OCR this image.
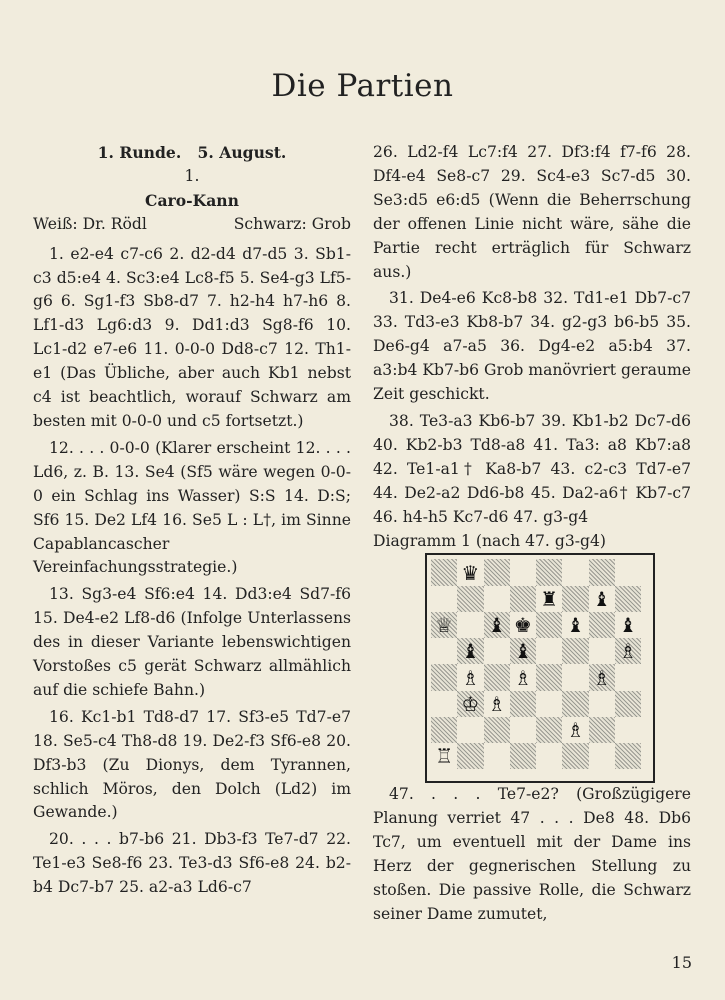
Die Partien

1. Runde.   5. August.

1.

Caro-Kann

Weiß: Dr. Rödl	Schwarz: Grob

1. e2-e4 c7-c6 2. d2-d4 d7-d5 3. Sb1-c3 d5:e4 4. Sc3:e4 Lc8-f5 5. Se4-g3 Lf5-g6 6. Sg1-f3 Sb8-d7 7. h2-h4 h7-h6 8. Lf1-d3 Lg6:d3 9. Dd1:d3 Sg8-f6 10. Lc1-d2 e7-e6 11. 0-0-0 Dd8-c7 12. Th1-e1 (Das Übliche, aber auch Kb1 nebst c4 ist beachtlich, worauf Schwarz am besten mit 0-0-0 und c5 fortsetzt.)

12. . . . 0-0-0 (Klarer erscheint 12. . . . Ld6, z. B. 13. Se4 (Sf5 wäre wegen 0-0-0 ein Schlag ins Wasser) S:S 14. D:S; Sf6 15. De2 Lf4 16. Se5 L : L†, im Sinne Capablancascher Vereinfachungsstrategie.)

13. Sg3-e4 Sf6:e4 14. Dd3:e4 Sd7-f6 15. De4-e2 Lf8-d6 (Infolge Unterlassens des in dieser Variante lebenswichtigen Vorstoßes c5 gerät Schwarz allmählich auf die schiefe Bahn.)

16. Kc1-b1 Td8-d7 17. Sf3-e5 Td7-e7 18. Se5-c4 Th8-d8 19. De2-f3 Sf6-e8 20. Df3-b3 (Zu Dionys, dem Tyrannen, schlich Möros, den Dolch (Ld2) im Gewande.)

20. . . . b7-b6 21. Db3-f3 Te7-d7 22. Te1-e3 Se8-f6 23. Te3-d3 Sf6-e8 24. b2-b4 Dc7-b7 25. a2-a3 Ld6-c7

26. Ld2-f4 Lc7:f4 27. Df3:f4 f7-f6 28. Df4-e4 Se8-c7 29. Sc4-e3 Sc7-d5 30. Se3:d5 e6:d5 (Wenn die Beherrschung der offenen Linie nicht wäre, sähe die Partie recht erträglich für Schwarz aus.)

31. De4-e6 Kc8-b8 32. Td1-e1 Db7-c7 33. Td3-e3 Kb8-b7 34. g2-g3 b6-b5 35. De6-g4 a7-a5 36. Dg4-e2 a5:b4 37. a3:b4 Kb7-b6 Grob manövriert geraume Zeit geschickt.

38. Te3-a3 Kb6-b7 39. Kb1-b2 Dc7-d6 40. Kb2-b3 Td8-a8 41. Ta3: a8 Kb7:a8 42. Te1-a1† Ka8-b7 43. c2-c3 Td7-e7 44. De2-a2 Dd6-b8 45. Da2-a6† Kb7-c7 46. h4-h5 Kc7-d6 47. g3-g4

Diagramm 1 (nach 47. g3-g4)

♛
♜ ♝
♕ ♝ ♚ ♝ ♝
♝ ♝	♗
♗ ♗	♗
♔ ♗
♗
♖

47. . . . Te7-e2? (Großzügigere Planung verriet 47 . . . De8 48. Db6 Tc7, um eventuell mit der Dame ins Herz der gegnerischen Stellung zu stoßen. Die passive Rolle, die Schwarz seiner Dame zumutet,

15
